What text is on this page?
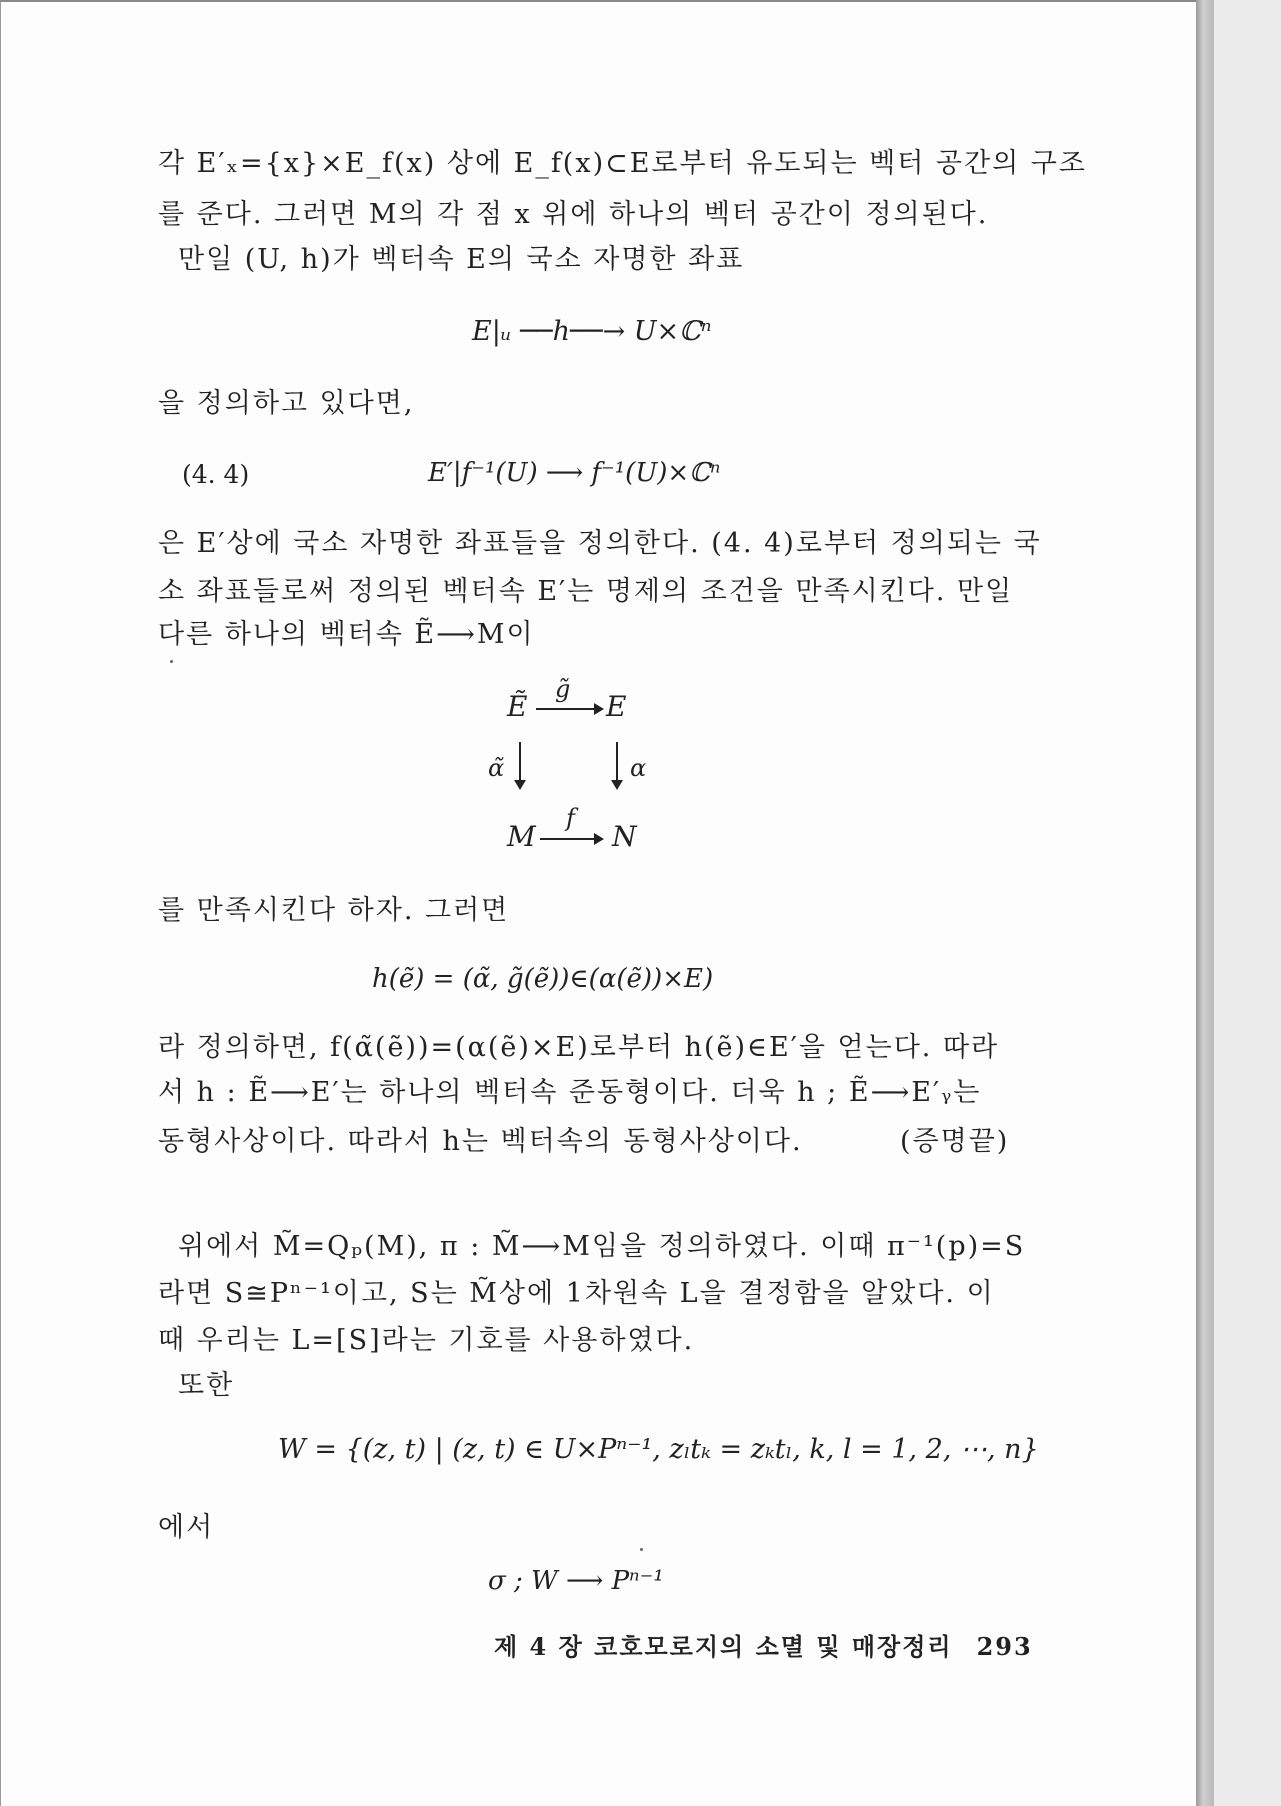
각 E′ₓ={x}×E_f(x) 상에 E_f(x)⊂E로부터 유도되는 벡터 공간의 구조
를 준다. 그러면 M의 각 점 x 위에 하나의 벡터 공간이 정의된다.
만일 (U, h)가 벡터속 E의 국소 자명한 좌표
E|ᵤ ──h──→ U×ℂⁿ
을 정의하고 있다면,
(4. 4)	E′|f⁻¹(U) ⟶ f⁻¹(U)×ℂⁿ
은 E′상에 국소 자명한 좌표들을 정의한다. (4. 4)로부터 정의되는 국
소 좌표들로써 정의된 벡터속 E′는 명제의 조건을 만족시킨다. 만일
다른 하나의 벡터속 Ẽ⟶M이
Ẽ
g̃
E
α̃	α
M
f
N
를 만족시킨다 하자. 그러면
h(ẽ) = (α̃, g̃(ẽ))∈(α(ẽ))×E)
라 정의하면, f(α̃(ẽ))=(α(ẽ)×E)로부터 h(ẽ)∈E′을 얻는다. 따라
서 h : Ẽ⟶E′는 하나의 벡터속 준동형이다. 더욱 h ; Ẽ⟶E′ᵧ는
동형사상이다. 따라서 h는 벡터속의 동형사상이다.	(증명끝)
위에서 M̃=Qₚ(M), π : M̃⟶M임을 정의하였다. 이때 π⁻¹(p)=S
라면 S≅Pⁿ⁻¹이고, S는 M̃상에 1차원속 L을 결정함을 알았다. 이
때 우리는 L=[S]라는 기호를 사용하였다.
또한
W = {(z, t) | (z, t) ∈ U×Pⁿ⁻¹, zₗtₖ = zₖtₗ, k, l = 1, 2, ⋯, n}
에서
σ ; W ⟶ Pⁿ⁻¹
제 4 장 코호모로지의 소멸 및 매장정리 293
